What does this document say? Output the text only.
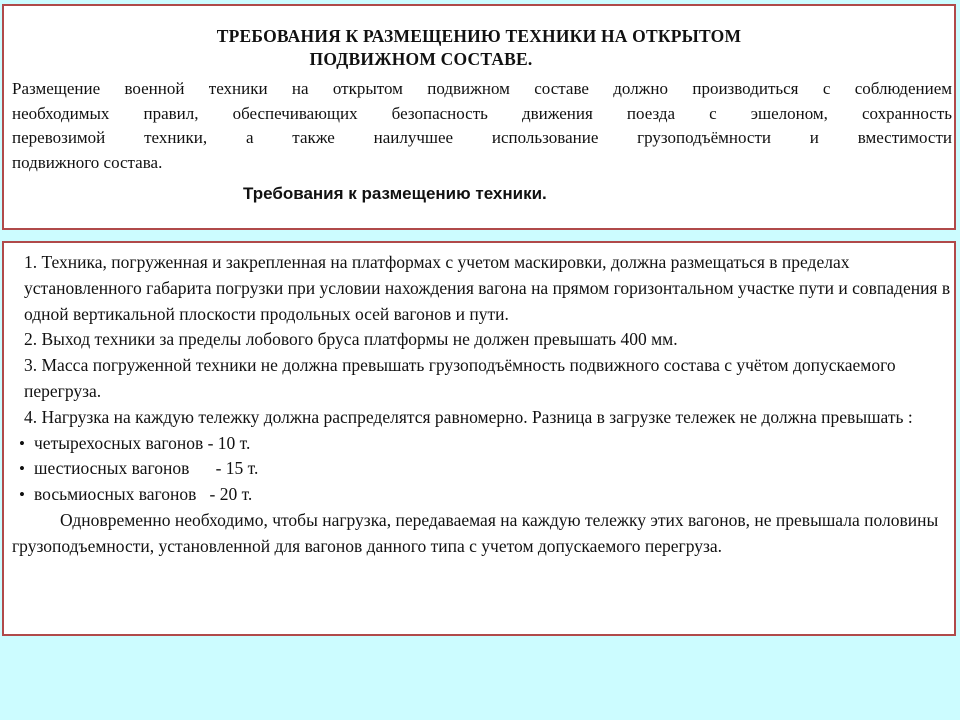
ТРЕБОВАНИЯ К РАЗМЕЩЕНИЮ ТЕХНИКИ НА ОТКРЫТОМ
ПОДВИЖНОМ СОСТАВЕ.
Размещение военной техники на открытом подвижном составе должно производиться с соблюдением
необходимых правил, обеспечивающих безопасность движения поезда с эшелоном, сохранность
перевозимой техники, а также наилучшее использование грузоподъёмности и вместимости
подвижного состава.
Требования к размещению техники.

1. Техника, погруженная и закрепленная на платформах с учетом маскировки, должна размещаться в пределах установленного габарита погрузки при условии нахождения вагона на прямом горизонтальном участке пути и совпадения в одной вертикальной плоскости продольных осей вагонов и пути.

2. Выход техники за пределы лобового бруса платформы не должен превышать 400 мм.

3. Масса погруженной техники не должна превышать грузоподъёмность подвижного состава с учётом допускаемого перегруза.

4. Нагрузка на каждую тележку должна распределятся равномерно. Разница в загрузке тележек не должна превышать :

• четырехосных вагонов - 10 т.

• шестиосных вагонов      - 15 т.

• восьмиосных вагонов   - 20 т.

Одновременно необходимо, чтобы нагрузка, передаваемая на каждую тележку этих вагонов, не превышала половины грузоподъемности, установленной для вагонов данного типа с учетом допускаемого перегруза.
